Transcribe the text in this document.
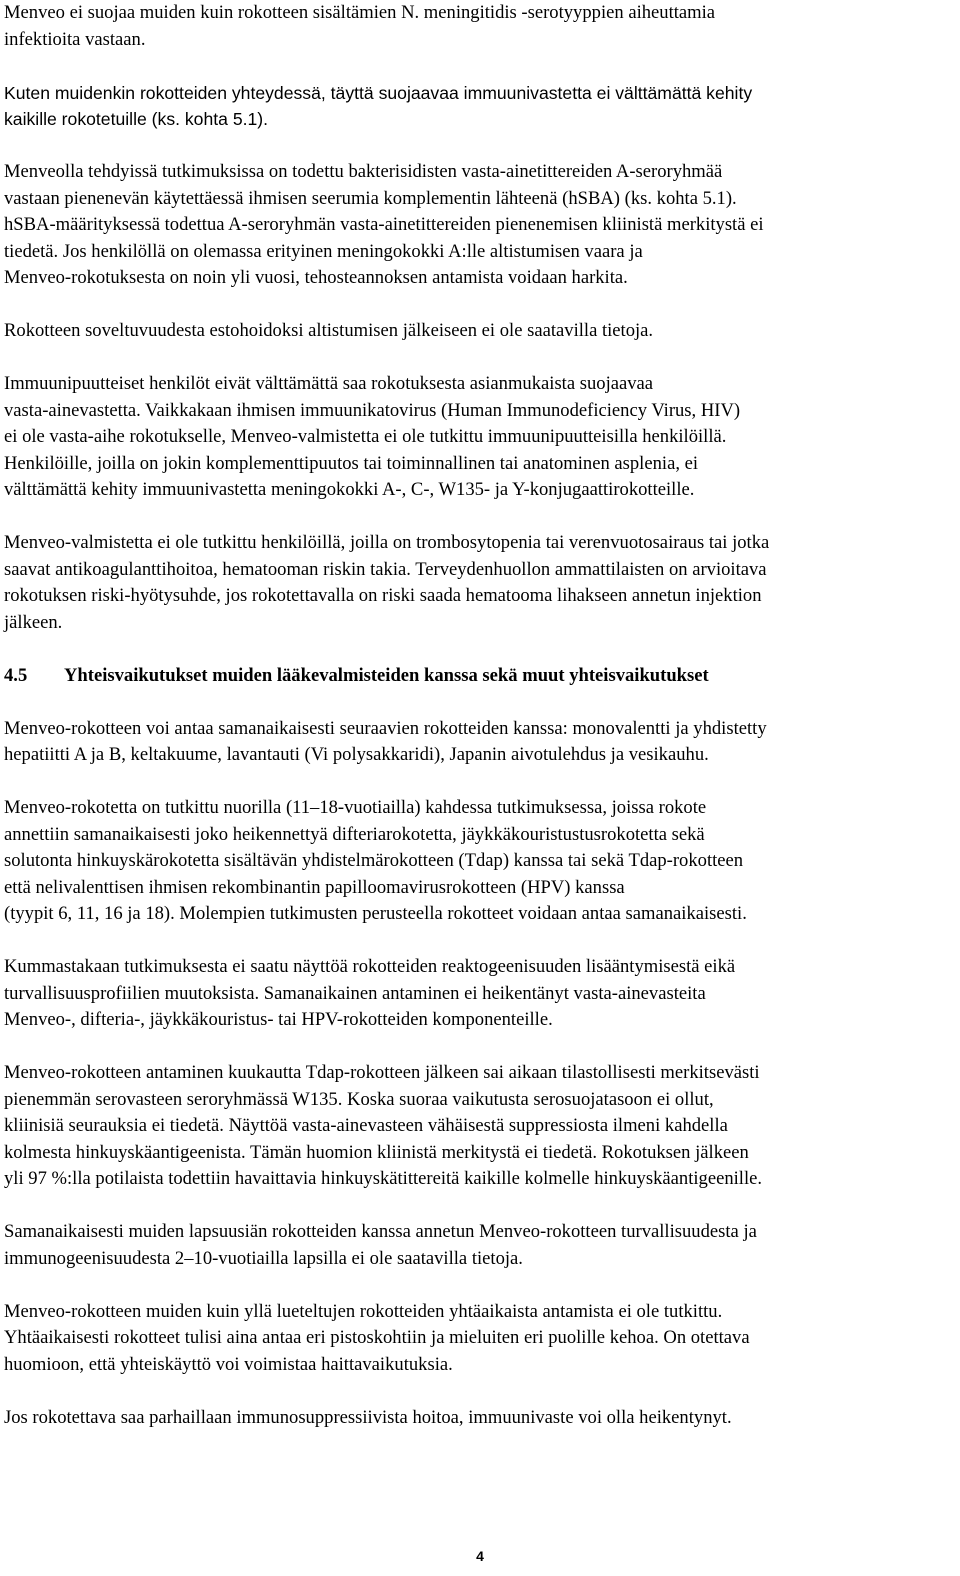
Menveo ei suojaa muiden kuin rokotteen sisältämien N. meningitidis -serotyyppien aiheuttamia
infektioita vastaan.
Kuten muidenkin rokotteiden yhteydessä, täyttä suojaavaa immuunivastetta ei välttämättä kehity
kaikille rokotetuille (ks. kohta 5.1).
Menveolla tehdyissä tutkimuksissa on todettu bakterisidisten vasta-ainetittereiden A-seroryhmää
vastaan pienenevän käytettäessä ihmisen seerumia komplementin lähteenä (hSBA) (ks. kohta 5.1).
hSBA-määrityksessä todettua A-seroryhmän vasta-ainetittereiden pienenemisen kliinistä merkitystä ei
tiedetä. Jos henkilöllä on olemassa erityinen meningokokki A:lle altistumisen vaara ja
Menveo-rokotuksesta on noin yli vuosi, tehosteannoksen antamista voidaan harkita.
Rokotteen soveltuvuudesta estohoidoksi altistumisen jälkeiseen ei ole saatavilla tietoja.
Immuunipuutteiset henkilöt eivät välttämättä saa rokotuksesta asianmukaista suojaavaa
vasta-ainevastetta. Vaikkakaan ihmisen immuunikatovirus (Human Immunodeficiency Virus, HIV)
ei ole vasta-aihe rokotukselle, Menveo-valmistetta ei ole tutkittu immuunipuutteisilla henkilöillä.
Henkilöille, joilla on jokin komplementtipuutos tai toiminnallinen tai anatominen asplenia, ei
välttämättä kehity immuunivastetta meningokokki A-, C-, W135- ja Y-konjugaattirokotteille.
Menveo-valmistetta ei ole tutkittu henkilöillä, joilla on trombosytopenia tai verenvuotosairaus tai jotka
saavat antikoagulanttihoitoa, hematooman riskin takia. Terveydenhuollon ammattilaisten on arvioitava
rokotuksen riski-hyötysuhde, jos rokotettavalla on riski saada hematooma lihakseen annetun injektion
jälkeen.
4.5 Yhteisvaikutukset muiden lääkevalmisteiden kanssa sekä muut yhteisvaikutukset
Menveo-rokotteen voi antaa samanaikaisesti seuraavien rokotteiden kanssa: monovalentti ja yhdistetty
hepatiitti A ja B, keltakuume, lavantauti (Vi polysakkaridi), Japanin aivotulehdus ja vesikauhu.
Menveo-rokotetta on tutkittu nuorilla (11–18-vuotiailla) kahdessa tutkimuksessa, joissa rokote
annettiin samanaikaisesti joko heikennettyä difteriarokotetta, jäykkäkouristustusrokotetta sekä
solutonta hinkuyskärokotetta sisältävän yhdistelmärokotteen (Tdap) kanssa tai sekä Tdap-rokotteen
että nelivalenttisen ihmisen rekombinantin papilloomavirusrokotteen (HPV) kanssa
(tyypit 6, 11, 16 ja 18). Molempien tutkimusten perusteella rokotteet voidaan antaa samanaikaisesti.
Kummastakaan tutkimuksesta ei saatu näyttöä rokotteiden reaktogeenisuuden lisääntymisestä eikä
turvallisuusprofiilien muutoksista. Samanaikainen antaminen ei heikentänyt vasta-ainevasteita
Menveo-, difteria-, jäykkäkouristus- tai HPV-rokotteiden komponenteille.
Menveo-rokotteen antaminen kuukautta Tdap-rokotteen jälkeen sai aikaan tilastollisesti merkitsevästi
pienemmän serovasteen seroryhmässä W135. Koska suoraa vaikutusta serosuojatasoon ei ollut,
kliinisiä seurauksia ei tiedetä. Näyttöä vasta-ainevasteen vähäisestä suppressiosta ilmeni kahdella
kolmesta hinkuyskäantigeenista. Tämän huomion kliinistä merkitystä ei tiedetä. Rokotuksen jälkeen
yli 97 %:lla potilaista todettiin havaittavia hinkuyskätittereitä kaikille kolmelle hinkuyskäantigeenille.
Samanaikaisesti muiden lapsuusiän rokotteiden kanssa annetun Menveo-rokotteen turvallisuudesta ja
immunogeenisuudesta 2–10-vuotiailla lapsilla ei ole saatavilla tietoja.
Menveo-rokotteen muiden kuin yllä lueteltujen rokotteiden yhtäaikaista antamista ei ole tutkittu.
Yhtäaikaisesti rokotteet tulisi aina antaa eri pistoskohtiin ja mieluiten eri puolille kehoa. On otettava
huomioon, että yhteiskäyttö voi voimistaa haittavaikutuksia.
Jos rokotettava saa parhaillaan immunosuppressiivista hoitoa, immuunivaste voi olla heikentynyt.
4
